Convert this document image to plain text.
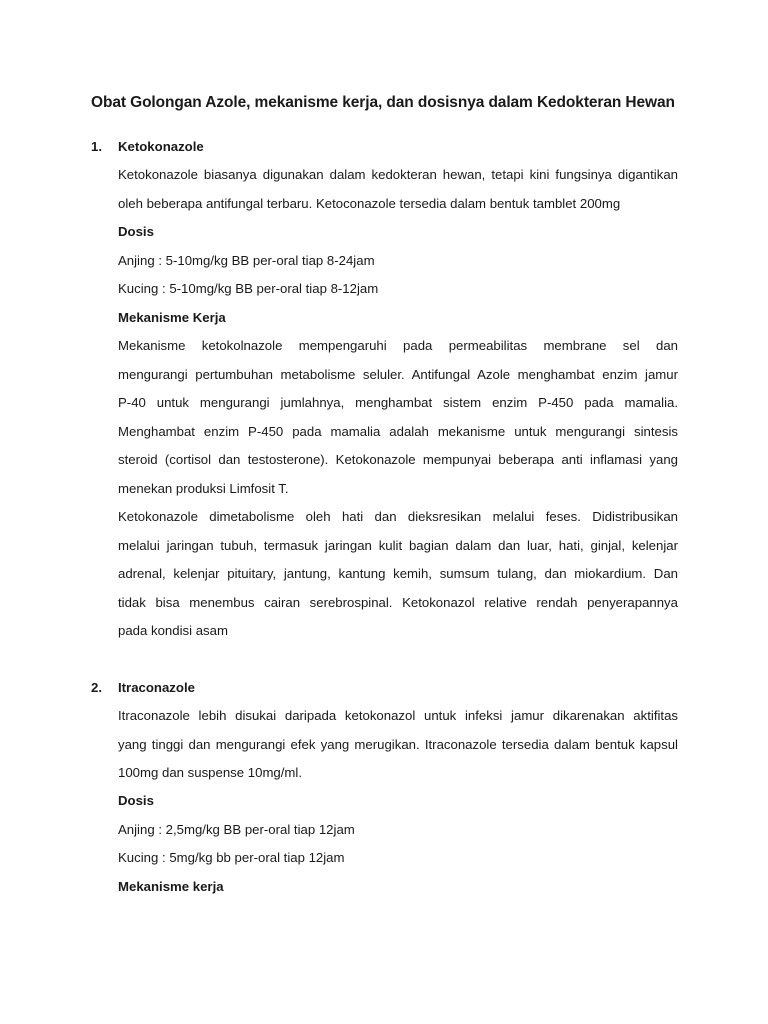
Obat Golongan Azole, mekanisme kerja, dan dosisnya dalam Kedokteran Hewan
1. Ketokonazole
Ketokonazole biasanya digunakan dalam kedokteran hewan, tetapi kini fungsinya digantikan
oleh beberapa antifungal terbaru. Ketoconazole tersedia dalam bentuk tamblet 200mg
Dosis
Anjing : 5-10mg/kg BB per-oral tiap 8-24jam
Kucing : 5-10mg/kg BB per-oral tiap 8-12jam
Mekanisme Kerja
Mekanisme ketokolnazole mempengaruhi pada permeabilitas membrane sel dan
mengurangi pertumbuhan metabolisme seluler. Antifungal Azole menghambat enzim jamur
P-40 untuk mengurangi jumlahnya, menghambat sistem enzim P-450 pada mamalia.
Menghambat enzim P-450 pada mamalia adalah mekanisme untuk mengurangi sintesis
steroid (cortisol dan testosterone). Ketokonazole mempunyai beberapa anti inflamasi yang
menekan produksi Limfosit T.
Ketokonazole dimetabolisme oleh hati dan dieksresikan melalui feses. Didistribusikan
melalui jaringan tubuh, termasuk jaringan kulit bagian dalam dan luar, hati, ginjal, kelenjar
adrenal, kelenjar pituitary, jantung, kantung kemih, sumsum tulang, dan miokardium. Dan
tidak bisa menembus cairan serebrospinal. Ketokonazol relative rendah penyerapannya
pada kondisi asam
2. Itraconazole
Itraconazole lebih disukai daripada ketokonazol untuk infeksi jamur dikarenakan aktifitas
yang tinggi dan mengurangi efek yang merugikan. Itraconazole tersedia dalam bentuk kapsul
100mg dan suspense 10mg/ml.
Dosis
Anjing : 2,5mg/kg BB per-oral tiap 12jam
Kucing : 5mg/kg bb per-oral tiap 12jam
Mekanisme kerja
